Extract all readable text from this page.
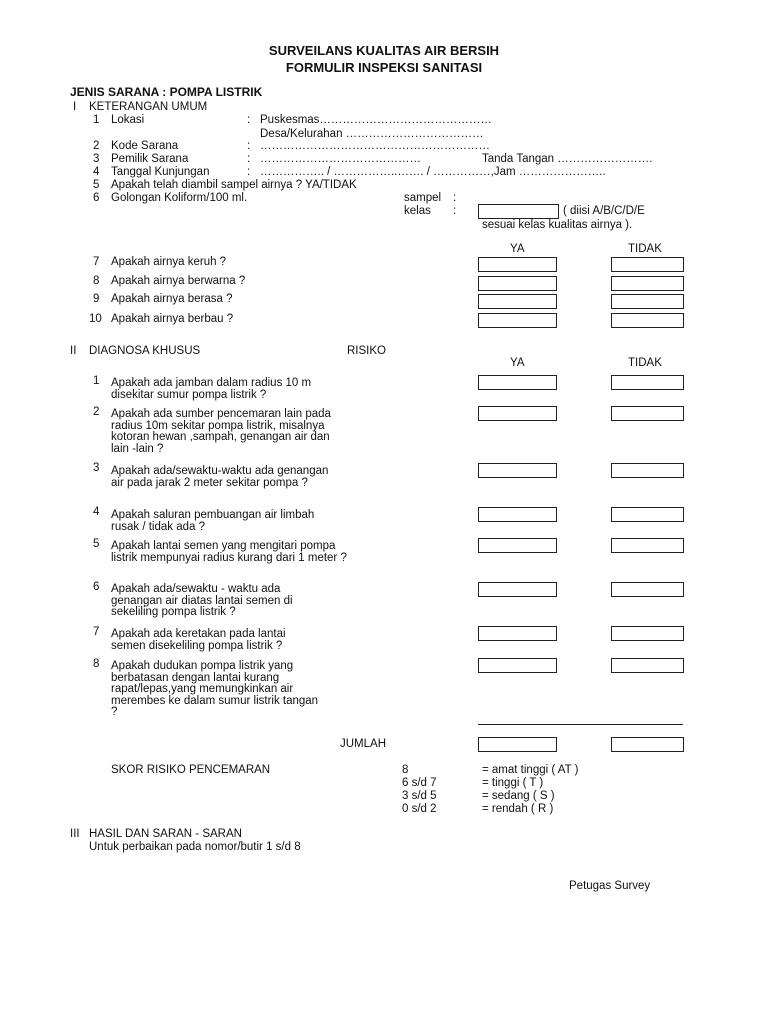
SURVEILANS KUALITAS AIR BERSIH
FORMULIR INSPEKSI SANITASI
JENIS SARANA : POMPA LISTRIK
I KETERANGAN UMUM
1 Lokasi	: Puskesmas………………………………………
Desa/Kelurahan ………………………………
2 Kode Sarana	: ……………………………………………………
3 Pemilik Sarana	: ……………………………………	Tanda Tangan …………………….
4 Tanggal Kunjungan	: …………….. / ……………..……. / ……………,Jam …………………..
5 Apakah telah diambil sampel airnya ? YA/TIDAK
6 Golongan Koliform/100 ml.	sampel :
kelas :	( diisi A/B/C/D/E
sesuai kelas kualitas airnya ).
YA	TIDAK
7 Apakah airnya keruh ?
8 Apakah airnya berwarna ?
9 Apakah airnya berasa ?
10 Apakah airnya berbau ?
II DIAGNOSA KHUSUS	RISIKO
YA	TIDAK
1 Apakah ada jamban dalam radius 10 m disekitar sumur pompa listrik ?
2 Apakah ada sumber pencemaran lain pada radius 10m sekitar pompa listrik, misalnya kotoran hewan ,sampah, genangan air dan lain -lain ?
3 Apakah ada/sewaktu-waktu ada genangan air pada jarak 2 meter sekitar pompa ?
4 Apakah saluran pembuangan air limbah rusak / tidak ada ?
5 Apakah lantai semen yang mengitari pompa listrik mempunyai radius kurang dari 1 meter ?
6 Apakah ada/sewaktu - waktu ada genangan air diatas lantai semen di sekeliling pompa listrik ?
7 Apakah ada keretakan pada lantai semen disekeliling pompa listrik ?
8 Apakah dudukan pompa listrik yang berbatasan dengan lantai kurang rapat/lepas,yang memungkinkan air merembes ke dalam sumur listrik tangan ?
JUMLAH
SKOR RISIKO PENCEMARAN	8	= amat tinggi ( AT )
6 s/d 7	= tinggi ( T )
3 s/d 5	= sedang ( S )
0 s/d 2	= rendah ( R )
III HASIL DAN SARAN - SARAN
Untuk perbaikan pada nomor/butir 1 s/d 8
Petugas Survey
